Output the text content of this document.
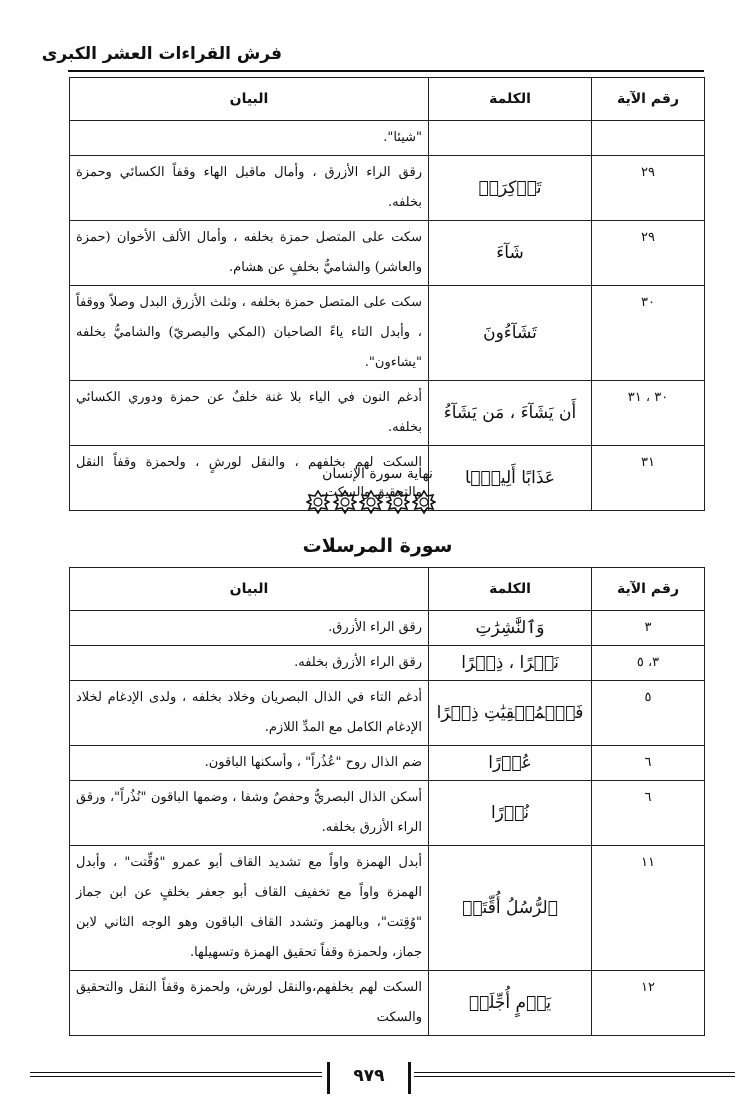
فرش القراءات العشر الكبرى
رقم الآية	الكلمة	البيان
		"شيئا".
٢٩	تَذۡكِرَةٞ	رقق الراء الأزرق ، وأمال ماقبل الهاء وقفاً الكسائي وحمزة بخلفه.
٢٩	شَآءَ	سكت على المتصل حمزة بخلفه ، وأمال الألف الأخوان (حمزة والعاشر) والشاميُّ بخلفٍ عن هشام.
٣٠	تَشَآءُونَ	سكت على المتصل حمزة بخلفه ، وثلث الأزرق البدل وصلاً ووقفاً ، وأبدل التاء ياءً الصاحبان (المكي والبصريّ) والشاميُّ بخلفه "يشاءون".
٣٠ ، ٣١	أَن يَشَآءَ ، مَن يَشَآءُ	أدغم النون في الياء بلا غنة خلفٌ عن حمزة ودوري الكسائي بخلفه.
٣١	عَذَابًا أَلِيمَۢا	السكت لهم بخلفهم ، والنقل لورشٍ ، ولحمزة وقفاً النقل والتحقيق والسكت.
نهاية سورة الإنسان
سورة المرسلات
رقم الآية	الكلمة	البيان
٣	وَٱلنَّٰشِرَٰتِ	رقق الراء الأزرق.
٣، ٥	نَشۡرًا ، ذِكۡرًا	رقق الراء الأزرق بخلفه.
٥	فَٱلۡمُلۡقِيَٰتِ ذِكۡرًا	أدغم التاء في الذال البصريان وخلاد بخلفه ، ولدى الإدغام لخلاد الإدغام الكامل مع المدِّ اللازم.
٦	عُذۡرًا	ضم الذال روح "عُذُراً" ، وأسكنها الباقون.
٦	نُذۡرًا	أسكن الذال البصريُّ وحفصٌ وشفا ، وضمها الباقون "نُذُراً"، ورقق الراء الأزرق بخلفه.
١١	ٱلرُّسُلُ أُقِّتَتۡ	أبدل الهمزة واواً مع تشديد القاف أبو عمرو "وُقِّتت" ، وأبدل الهمزة واواً مع تخفيف القاف أبو جعفر بخلفٍ عن ابن جماز "وُقِتت"، وبالهمز وتشدد القاف الباقون وهو الوجه الثاني لابن جماز، ولحمزة وقفاً تحقيق الهمزة وتسهيلها.
١٢	يَوۡمٍ أُجِّلَتۡ	السكت لهم بخلفهم،والنقل لورش، ولحمزة وقفاً النقل والتحقيق والسكت
٩٧٩
